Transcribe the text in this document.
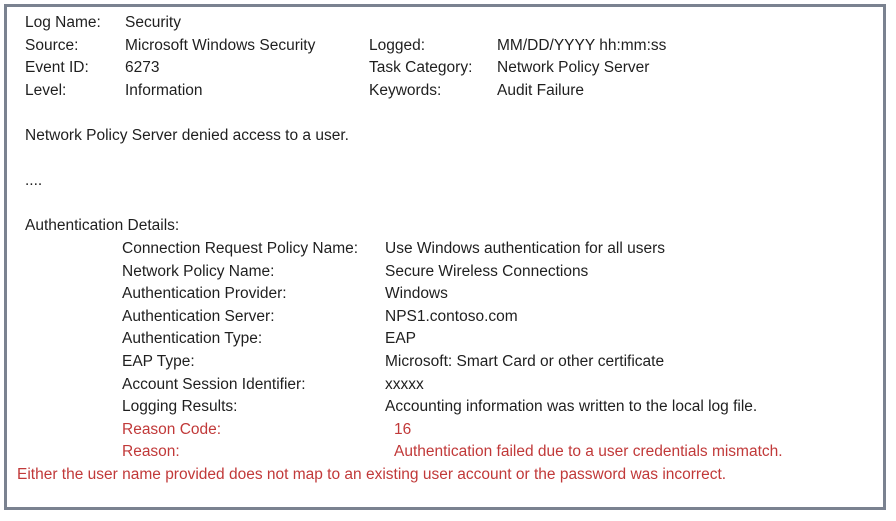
Log Name: Security
Source:	Microsoft Windows Security	Logged:	MM/DD/YYYY hh:mm:ss
Event ID: 6273	Task Category: Network Policy Server
Level:	Information	Keywords:	Audit Failure
Network Policy Server denied access to a user.
....
Authentication Details:
Connection Request Policy Name: Use Windows authentication for all users
Network Policy Name:	Secure Wireless Connections
Authentication Provider:	Windows
Authentication Server:	NPS1.contoso.com
Authentication Type:	EAP
EAP Type:	Microsoft: Smart Card or other certificate
Account Session Identifier:	xxxxx
Logging Results:	Accounting information was written to the local log file.
Reason Code:	16
Reason:	Authentication failed due to a user credentials mismatch.
Either the user name provided does not map to an existing user account or the password was incorrect.
